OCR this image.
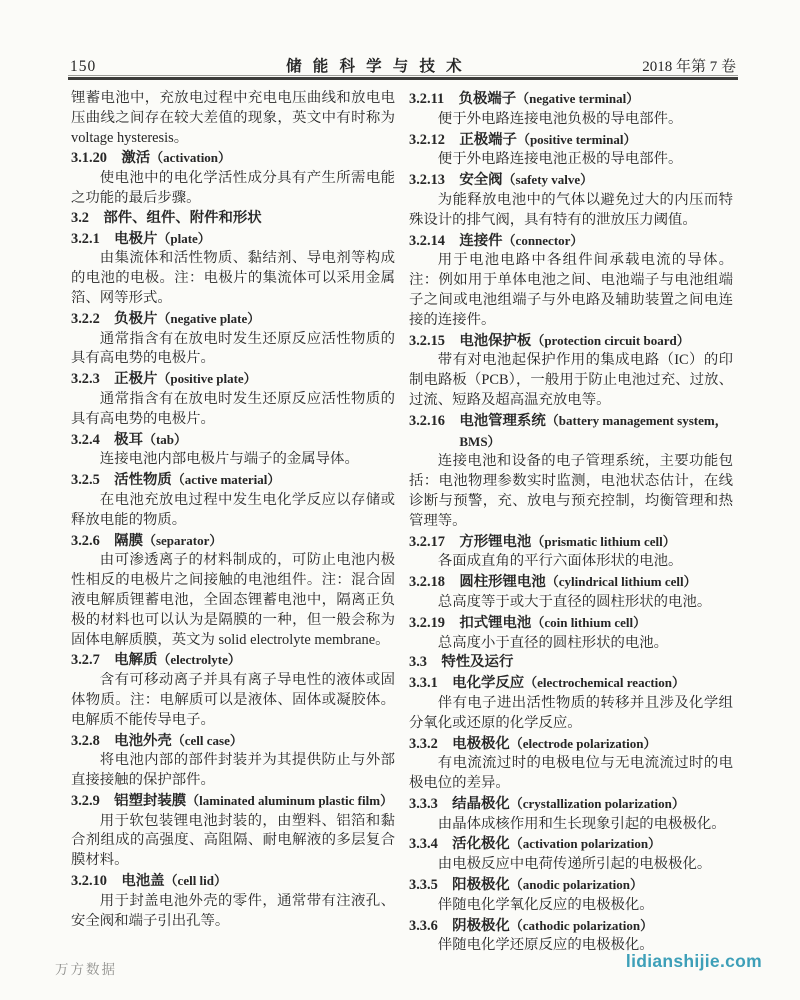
150	储能科学与技术	2018 年第 7 卷

锂蓄电池中，充放电过程中充电电压曲线和放电电压曲线之间存在较大差值的现象，英文中有时称为 voltage hysteresis。

3.1.20　激活（activation）

使电池中的电化学活性成分具有产生所需电能之功能的最后步骤。

3.2　部件、组件、附件和形状

3.2.1　电极片（plate）

由集流体和活性物质、黏结剂、导电剂等构成的电池的电极。注：电极片的集流体可以采用金属箔、网等形式。

3.2.2　负极片（negative plate）

通常指含有在放电时发生还原反应活性物质的具有高电势的电极片。

3.2.3　正极片（positive plate）

通常指含有在放电时发生还原反应活性物质的具有高电势的电极片。

3.2.4　极耳（tab）

连接电池内部电极片与端子的金属导体。

3.2.5　活性物质（active material）

在电池充放电过程中发生电化学反应以存储或释放电能的物质。

3.2.6　隔膜（separator）

由可渗透离子的材料制成的，可防止电池内极性相反的电极片之间接触的电池组件。注：混合固液电解质锂蓄电池，全固态锂蓄电池中，隔离正负极的材料也可以认为是隔膜的一种，但一般会称为固体电解质膜，英文为 solid electrolyte membrane。

3.2.7　电解质（electrolyte）

含有可移动离子并具有离子导电性的液体或固体物质。注：电解质可以是液体、固体或凝胶体。电解质不能传导电子。

3.2.8　电池外壳（cell case）

将电池内部的部件封装并为其提供防止与外部直接接触的保护部件。

3.2.9　铝塑封装膜（laminated aluminum plastic film）

用于软包装锂电池封装的，由塑料、铝箔和黏合剂组成的高强度、高阻隔、耐电解液的多层复合膜材料。

3.2.10　电池盖（cell lid）

用于封盖电池外壳的零件，通常带有注液孔、安全阀和端子引出孔等。

3.2.11　负极端子（negative terminal）

便于外电路连接电池负极的导电部件。

3.2.12　正极端子（positive terminal）

便于外电路连接电池正极的导电部件。

3.2.13　安全阀（safety valve）

为能释放电池中的气体以避免过大的内压而特殊设计的排气阀，具有特有的泄放压力阈值。

3.2.14　连接件（connector）

用于电池电路中各组件间承载电流的导体。注：例如用于单体电池之间、电池端子与电池组端子之间或电池组端子与外电路及辅助装置之间电连接的连接件。

3.2.15　电池保护板（protection circuit board）

带有对电池起保护作用的集成电路（IC）的印制电路板（PCB），一般用于防止电池过充、过放、过流、短路及超高温充放电等。

3.2.16　电池管理系统（battery management system，BMS）

连接电池和设备的电子管理系统，主要功能包括：电池物理参数实时监测，电池状态估计，在线诊断与预警，充、放电与预充控制，均衡管理和热管理等。

3.2.17　方形锂电池（prismatic lithium cell）

各面成直角的平行六面体形状的电池。

3.2.18　圆柱形锂电池（cylindrical lithium cell）

总高度等于或大于直径的圆柱形状的电池。

3.2.19　扣式锂电池（coin lithium cell）

总高度小于直径的圆柱形状的电池。

3.3　特性及运行

3.3.1　电化学反应（electrochemical reaction）

伴有电子进出活性物质的转移并且涉及化学组分氧化或还原的化学反应。

3.3.2　电极极化（electrode polarization）

有电流流过时的电极电位与无电流流过时的电极电位的差异。

3.3.3　结晶极化（crystallization polarization）

由晶体成核作用和生长现象引起的电极极化。

3.3.4　活化极化（activation polarization）

由电极反应中电荷传递所引起的电极极化。

3.3.5　阳极极化（anodic polarization）

伴随电化学氧化反应的电极极化。

3.3.6　阴极极化（cathodic polarization）

伴随电化学还原反应的电极极化。

万方数据	lidianshijie.com
